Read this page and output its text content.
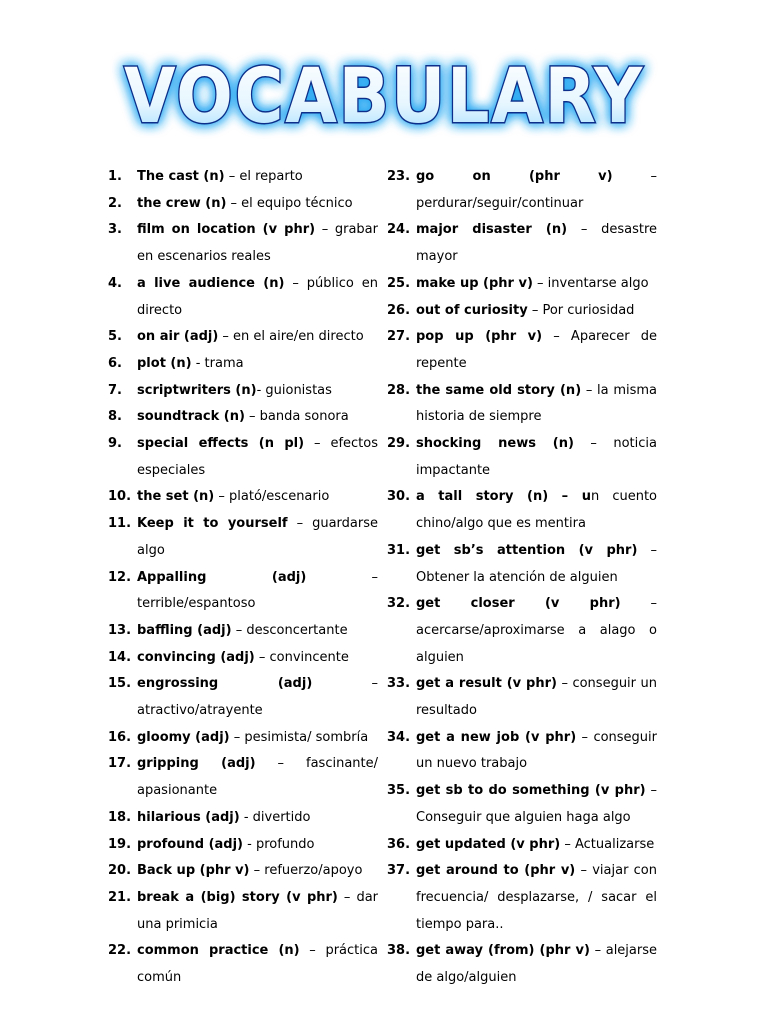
VOCABULARY
1.	The cast (n) – el reparto
2.	the crew (n) – el equipo técnico
3.	film on location (v phr) – grabar en escenarios reales
4.	a live audience (n) – público en directo
5.	on air (adj) – en el aire/en directo
6.	plot (n) - trama
7.	scriptwriters (n)- guionistas
8.	soundtrack (n) – banda sonora
9.	special effects (n pl) – efectos especiales
10. the set (n) – plató/escenario
11. Keep it to yourself – guardarse algo
12. Appalling (adj) – terrible/espantoso
13. baffling (adj) – desconcertante
14. convincing (adj) – convincente
15. engrossing (adj) – atractivo/atrayente
16. gloomy (adj) – pesimista/ sombría
17. gripping (adj) – fascinante/ apasionante
18. hilarious (adj) - divertido
19. profound (adj) - profundo
20. Back up (phr v) – refuerzo/apoyo
21. break a (big) story (v phr) – dar una primicia
22. common practice (n) – práctica común
23. go on (phr v) – perdurar/seguir/continuar
24. major disaster (n) – desastre mayor
25. make up (phr v) – inventarse algo
26. out of curiosity – Por curiosidad
27. pop up (phr v) – Aparecer de repente
28. the same old story (n) – la misma historia de siempre
29. shocking news (n) – noticia impactante
30. a tall story (n) – un cuento chino/algo que es mentira
31. get sb’s attention (v phr) – Obtener la atención de alguien
32. get closer (v phr) – acercarse/aproximarse a alago o alguien
33. get a result (v phr) – conseguir un resultado
34. get a new job (v phr) – conseguir un nuevo trabajo
35. get sb to do something (v phr) – Conseguir que alguien haga algo
36. get updated (v phr) – Actualizarse
37. get around to (phr v) – viajar con frecuencia/ desplazarse, / sacar el tiempo para..
38. get away (from) (phr v) – alejarse de algo/alguien
